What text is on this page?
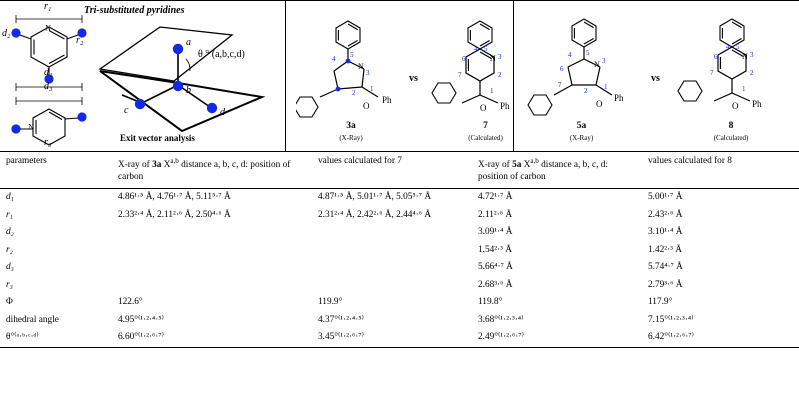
N
N
r₁
d₁
d₃
r₃
d₂
r₂
Tri-substituted pyridines
a
b
c	d
θ ° (a,b,c,d)
Exit vector analysis
N
Ph
O
4 5
3
2 1
3a
(X-Ray)
vs
N
Ph
O
5
3
2
4
7
6
1
7
(Calculated)
N
Ph
O
5
3
4
6
7
2 1
5a
(X-Ray)
vs
N
Ph
O
5
3
2
4
7
6
1
8
(Calculated)
parameters	X-ray of 3a X$^{a,b}$ distance a, b, c, d: position of carbon	values calculated for 7	X-ray of 5a X$^{a,b}$ distance a, b, c, d: position of carbon	values calculated for 8
d₁	4.86¹·⁵ Å, 4.76¹·⁷ Å, 5.11⁵·⁷ Å	4.87¹·⁵ Å, 5.01¹·⁷ Å, 5.05⁵·⁷ Å	4.72¹·⁷ Å	5.00¹·⁷ Å
r₁	2.33²·⁴ Å, 2.11²·⁶ Å, 2.50⁴·⁶ Å	2.31²·⁴ Å, 2.42²·⁶ Å, 2.44⁴·⁶ Å	2.11²·⁶ Å	2.43²·⁶ Å
d₂			3.09¹·⁴ Å	3.10¹·⁴ Å
r₂			1.54²·³ Å	1.42²·³ Å
d₃			5.66⁴·⁷ Å	5.74⁴·⁷ Å
r₃			2.68³·⁶ Å	2.79³·⁶ Å
Φ	122.6°	119.9°	119.8°	117.9°
dihedral angle	4.95°⁽¹·²·⁴·⁵⁾	4.37°⁽¹·²·⁴·⁵⁾	3.68°⁽¹·²·³·⁴⁾	7.15°⁽¹·²·³·⁴⁾
θ°⁽ᵃ·ᵇ·ᶜ·ᵈ⁾	6.60°⁽¹·²·⁶·⁷⁾	3.45°⁽¹·²·⁶·⁷⁾	2.49°⁽¹·²·⁶·⁷⁾	6.42°⁽¹·²·⁶·⁷⁾
